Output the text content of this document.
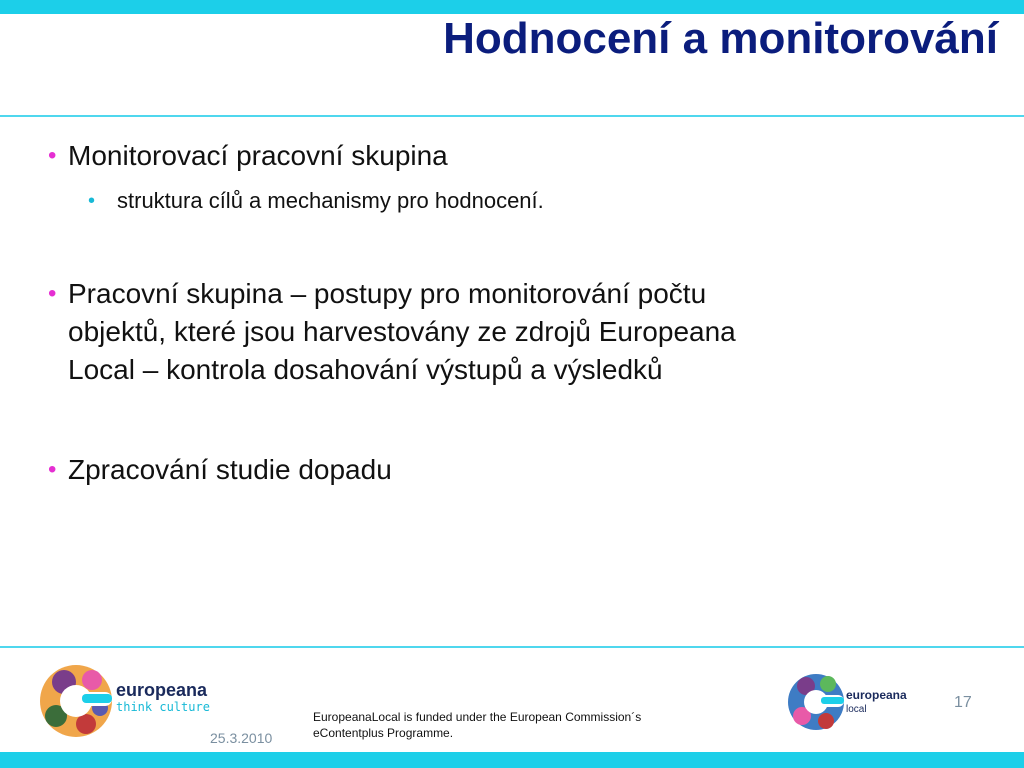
Hodnocení a monitorování
• Monitorovací pracovní skupina
• struktura cílů a mechanismy pro hodnocení.
• Pracovní skupina – postupy pro monitorování počtu
objektů, které jsou harvestovány ze zdrojů Europeana
Local – kontrola dosahování výstupů a výsledků
• Zpracování studie dopadu
europeana
think culture
EuropeanaLocal is funded under the European Commission´s
eContentplus Programme.
25.3.2010
europeana
local	17
